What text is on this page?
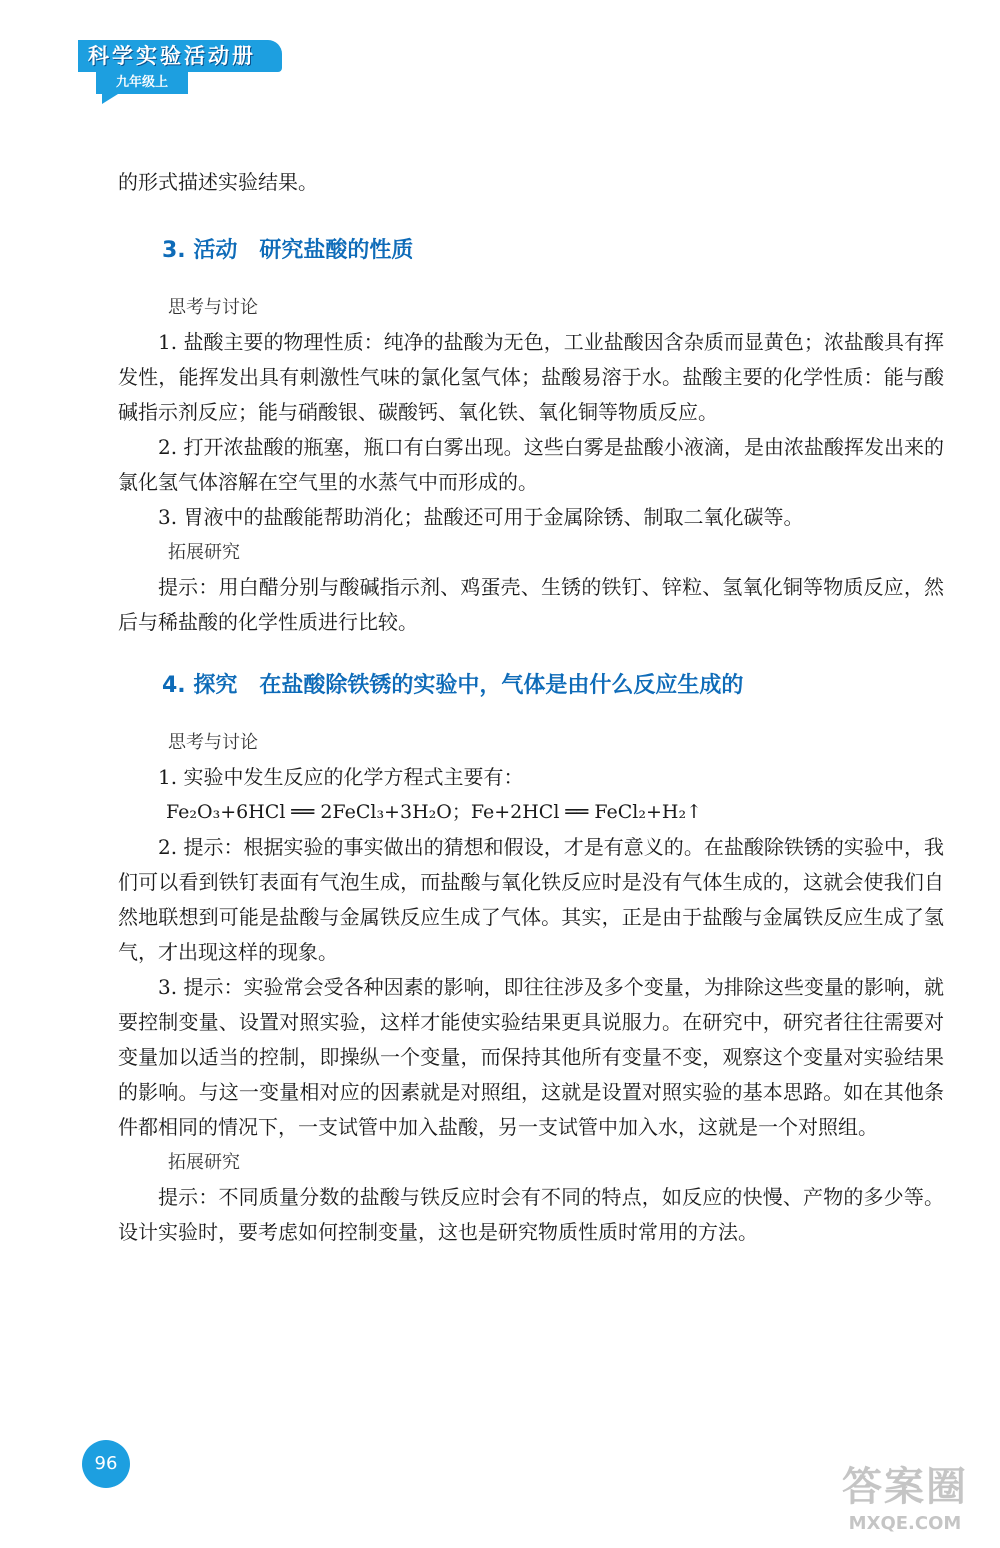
科学实验活动册
九年级上

的形式描述实验结果。

3. 活动　研究盐酸的性质
思考与讨论

1. 盐酸主要的物理性质：纯净的盐酸为无色，工业盐酸因含杂质而显黄色；浓盐酸具有挥发性，能挥发出具有刺激性气味的氯化氢气体；盐酸易溶于水。盐酸主要的化学性质：能与酸碱指示剂反应；能与硝酸银、碳酸钙、氧化铁、氧化铜等物质反应。

2. 打开浓盐酸的瓶塞，瓶口有白雾出现。这些白雾是盐酸小液滴，是由浓盐酸挥发出来的氯化氢气体溶解在空气里的水蒸气中而形成的。

3. 胃液中的盐酸能帮助消化；盐酸还可用于金属除锈、制取二氧化碳等。

拓展研究

提示：用白醋分别与酸碱指示剂、鸡蛋壳、生锈的铁钉、锌粒、氢氧化铜等物质反应，然后与稀盐酸的化学性质进行比较。

4. 探究　在盐酸除铁锈的实验中，气体是由什么反应生成的
思考与讨论

1. 实验中发生反应的化学方程式主要有：

Fe₂O₃+6HCl ══ 2FeCl₃+3H₂O；Fe+2HCl ══ FeCl₂+H₂↑

2. 提示：根据实验的事实做出的猜想和假设，才是有意义的。在盐酸除铁锈的实验中，我们可以看到铁钉表面有气泡生成，而盐酸与氧化铁反应时是没有气体生成的，这就会使我们自然地联想到可能是盐酸与金属铁反应生成了气体。其实，正是由于盐酸与金属铁反应生成了氢气，才出现这样的现象。

3. 提示：实验常会受各种因素的影响，即往往涉及多个变量，为排除这些变量的影响，就要控制变量、设置对照实验，这样才能使实验结果更具说服力。在研究中，研究者往往需要对变量加以适当的控制，即操纵一个变量，而保持其他所有变量不变，观察这个变量对实验结果的影响。与这一变量相对应的因素就是对照组，这就是设置对照实验的基本思路。如在其他条件都相同的情况下，一支试管中加入盐酸，另一支试管中加入水，这就是一个对照组。

拓展研究

提示：不同质量分数的盐酸与铁反应时会有不同的特点，如反应的快慢、产物的多少等。设计实验时，要考虑如何控制变量，这也是研究物质性质时常用的方法。

96
答案圈
MXQE.COM
